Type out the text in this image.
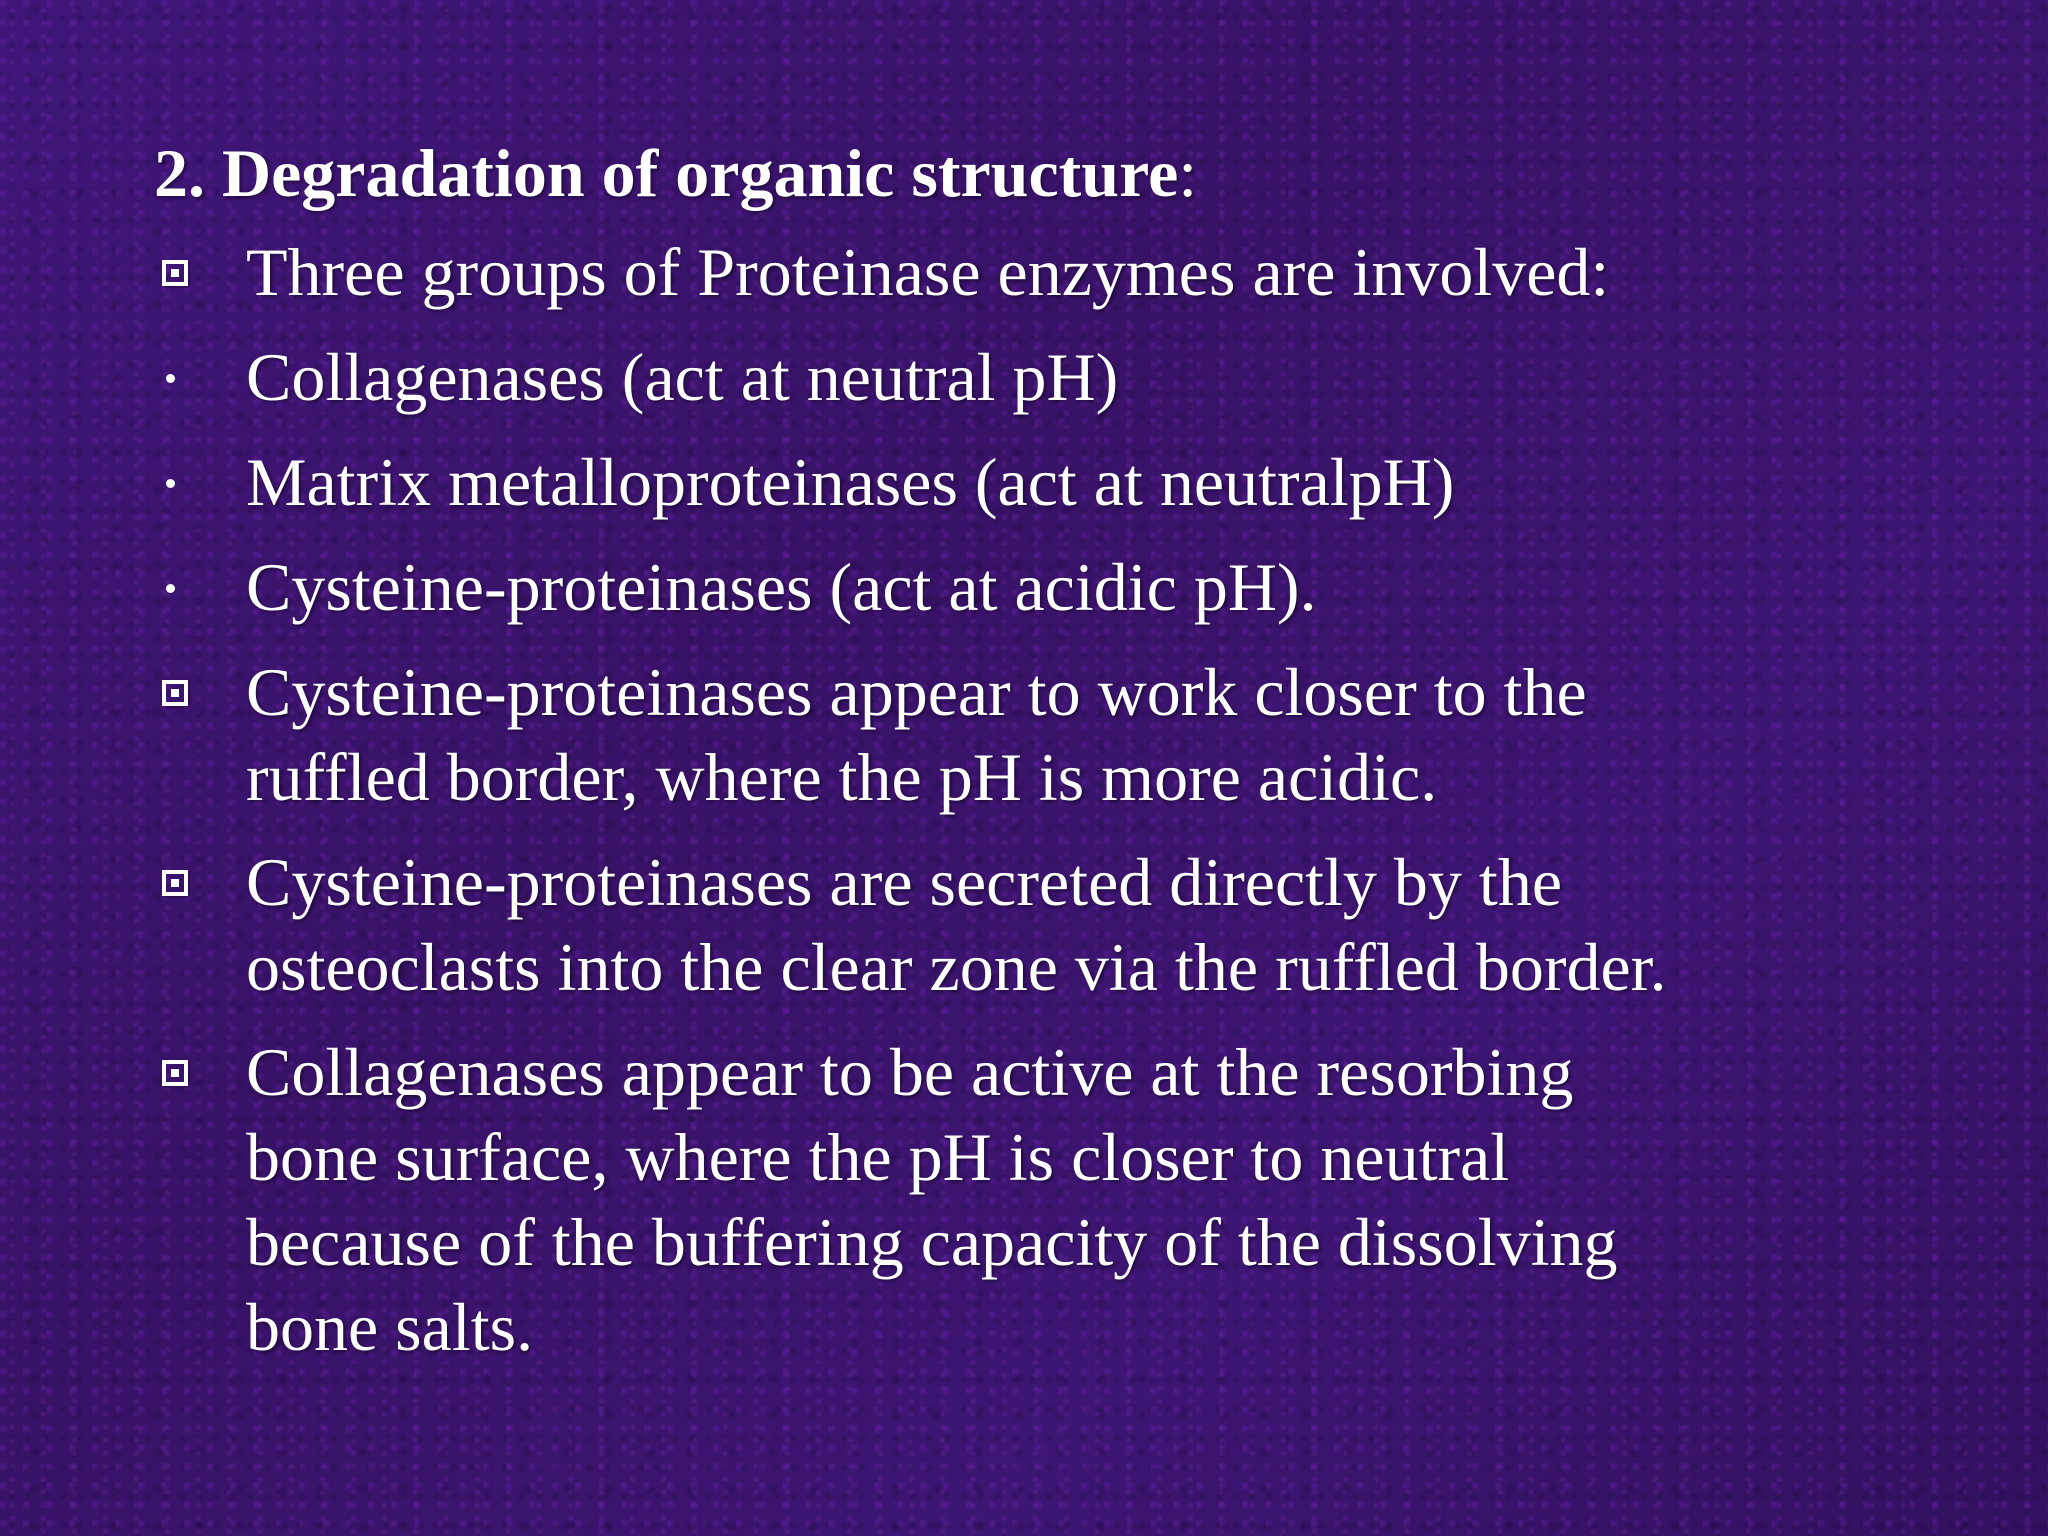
2. Degradation of organic structure:
Three groups of Proteinase enzymes are involved:
Collagenases (act at neutral pH)
Matrix metalloproteinases (act at neutralpH)
Cysteine-proteinases (act at acidic pH).
Cysteine-proteinases appear to work closer to the
ruffled border, where the pH is more acidic.
Cysteine-proteinases are secreted directly by the
osteoclasts into the clear zone via the ruffled border.
Collagenases appear to be active at the resorbing
bone surface, where the pH is closer to neutral
because of the buffering capacity of the dissolving
bone salts.
